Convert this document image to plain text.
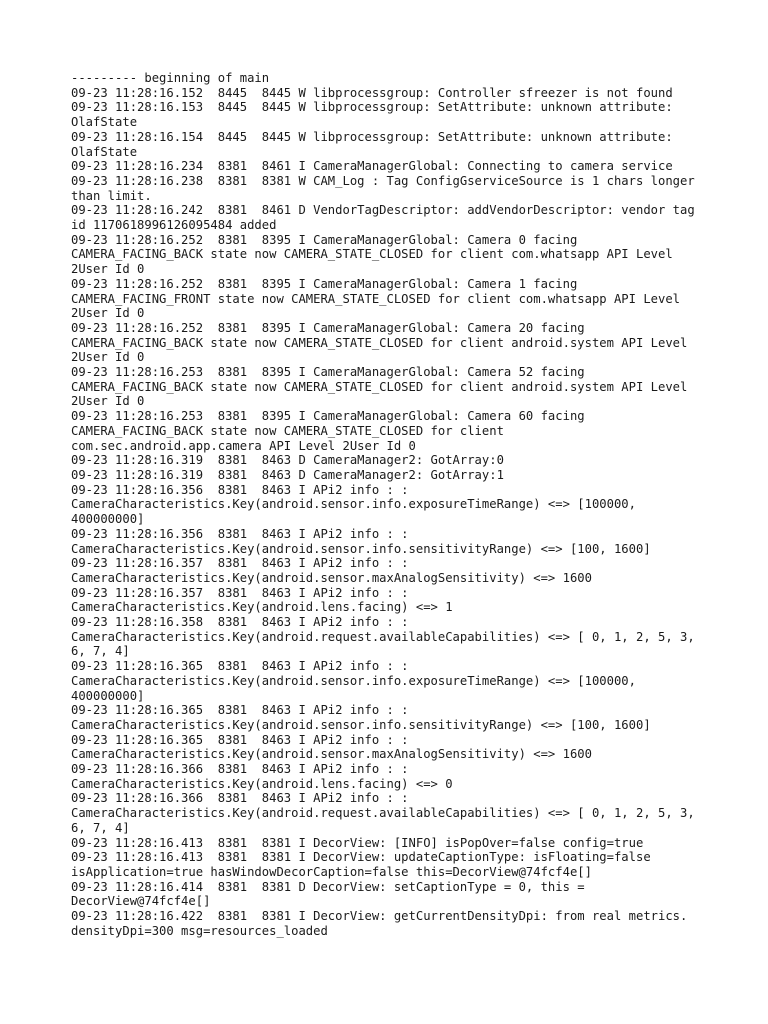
--------- beginning of main

09-23 11:28:16.152  8445  8445 W libprocessgroup: Controller sfreezer is not found

09-23 11:28:16.153  8445  8445 W libprocessgroup: SetAttribute: unknown attribute: OlafState

09-23 11:28:16.154  8445  8445 W libprocessgroup: SetAttribute: unknown attribute: OlafState

09-23 11:28:16.234  8381  8461 I CameraManagerGlobal: Connecting to camera service

09-23 11:28:16.238  8381  8381 W CAM_Log : Tag ConfigGserviceSource is 1 chars longer than limit.

09-23 11:28:16.242  8381  8461 D VendorTagDescriptor: addVendorDescriptor: vendor tag id 1170618996126095484 added

09-23 11:28:16.252  8381  8395 I CameraManagerGlobal: Camera 0 facing CAMERA_FACING_BACK state now CAMERA_STATE_CLOSED for client com.whatsapp API Level 2User Id 0

09-23 11:28:16.252  8381  8395 I CameraManagerGlobal: Camera 1 facing CAMERA_FACING_FRONT state now CAMERA_STATE_CLOSED for client com.whatsapp API Level 2User Id 0

09-23 11:28:16.252  8381  8395 I CameraManagerGlobal: Camera 20 facing CAMERA_FACING_BACK state now CAMERA_STATE_CLOSED for client android.system API Level 2User Id 0

09-23 11:28:16.253  8381  8395 I CameraManagerGlobal: Camera 52 facing CAMERA_FACING_BACK state now CAMERA_STATE_CLOSED for client android.system API Level 2User Id 0

09-23 11:28:16.253  8381  8395 I CameraManagerGlobal: Camera 60 facing CAMERA_FACING_BACK state now CAMERA_STATE_CLOSED for client
com.sec.android.app.camera API Level 2User Id 0

09-23 11:28:16.319  8381  8463 D CameraManager2: GotArray:0

09-23 11:28:16.319  8381  8463 D CameraManager2: GotArray:1

09-23 11:28:16.356  8381  8463 I APi2 info : :
CameraCharacteristics.Key(android.sensor.info.exposureTimeRange) <=> [100000, 400000000]

09-23 11:28:16.356  8381  8463 I APi2 info : :
CameraCharacteristics.Key(android.sensor.info.sensitivityRange) <=> [100, 1600]

09-23 11:28:16.357  8381  8463 I APi2 info : :
CameraCharacteristics.Key(android.sensor.maxAnalogSensitivity) <=> 1600

09-23 11:28:16.357  8381  8463 I APi2 info : :
CameraCharacteristics.Key(android.lens.facing) <=> 1

09-23 11:28:16.358  8381  8463 I APi2 info : :
CameraCharacteristics.Key(android.request.availableCapabilities) <=> [ 0, 1, 2, 5, 3, 6, 7, 4]

09-23 11:28:16.365  8381  8463 I APi2 info : :
CameraCharacteristics.Key(android.sensor.info.exposureTimeRange) <=> [100000, 400000000]

09-23 11:28:16.365  8381  8463 I APi2 info : :
CameraCharacteristics.Key(android.sensor.info.sensitivityRange) <=> [100, 1600]

09-23 11:28:16.365  8381  8463 I APi2 info : :
CameraCharacteristics.Key(android.sensor.maxAnalogSensitivity) <=> 1600

09-23 11:28:16.366  8381  8463 I APi2 info : :
CameraCharacteristics.Key(android.lens.facing) <=> 0

09-23 11:28:16.366  8381  8463 I APi2 info : :
CameraCharacteristics.Key(android.request.availableCapabilities) <=> [ 0, 1, 2, 5, 3, 6, 7, 4]

09-23 11:28:16.413  8381  8381 I DecorView: [INFO] isPopOver=false config=true

09-23 11:28:16.413  8381  8381 I DecorView: updateCaptionType: isFloating=false isApplication=true hasWindowDecorCaption=false this=DecorView@74fcf4e[]

09-23 11:28:16.414  8381  8381 D DecorView: setCaptionType = 0, this = DecorView@74fcf4e[]

09-23 11:28:16.422  8381  8381 I DecorView: getCurrentDensityDpi: from real metrics. densityDpi=300 msg=resources_loaded
